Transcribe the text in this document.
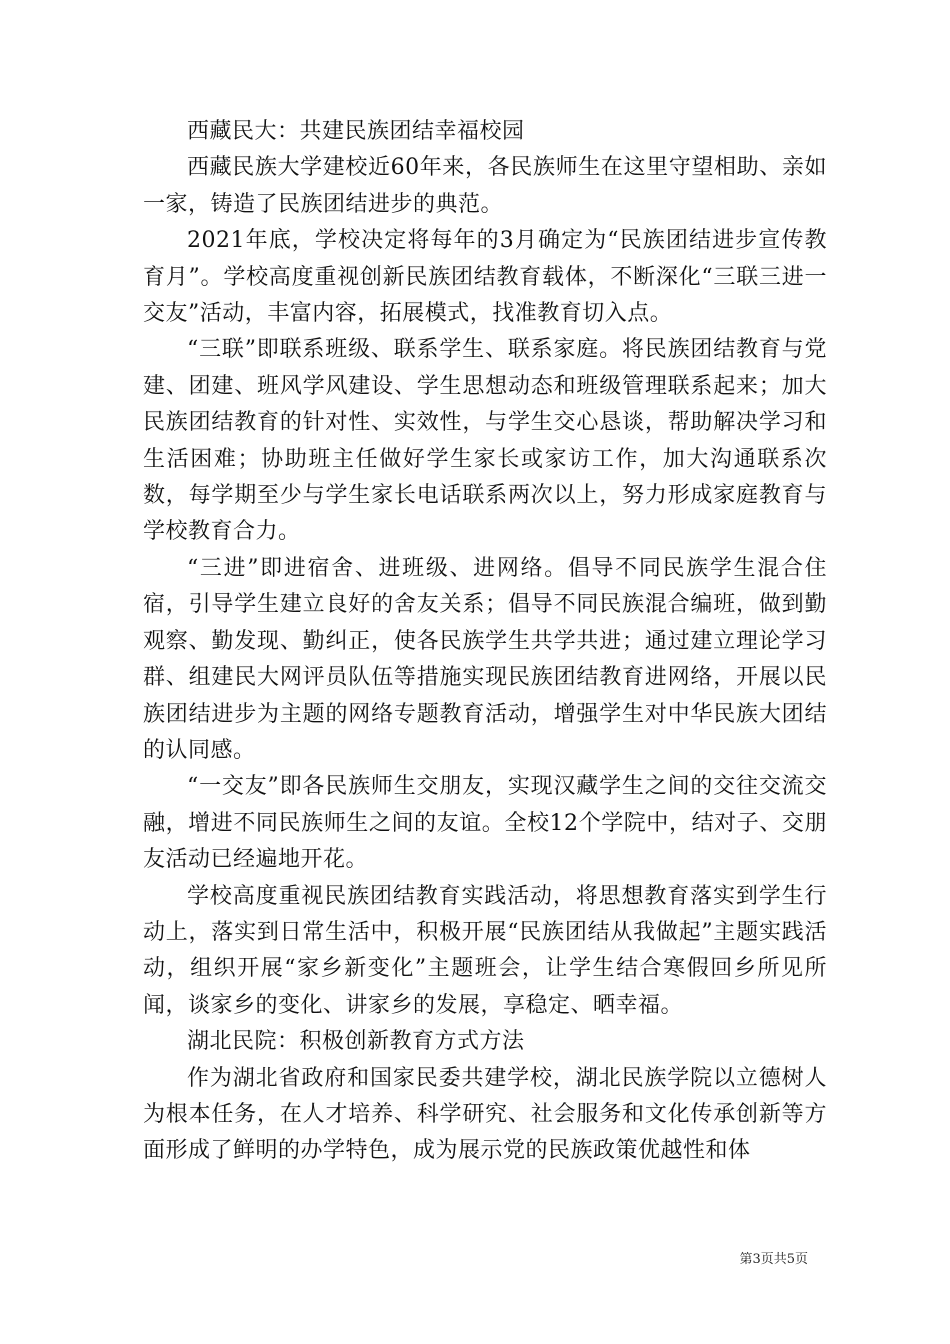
西藏民大：共建民族团结幸福校园

西藏民族大学建校近60年来，各民族师生在这里守望相助、亲如一家，铸造了民族团结进步的典范。

2021年底，学校决定将每年的3月确定为“民族团结进步宣传教育月”。学校高度重视创新民族团结教育载体，不断深化“三联三进一交友”活动，丰富内容，拓展模式，找准教育切入点。

“三联”即联系班级、联系学生、联系家庭。将民族团结教育与党建、团建、班风学风建设、学生思想动态和班级管理联系起来；加大民族团结教育的针对性、实效性，与学生交心恳谈，帮助解决学习和生活困难；协助班主任做好学生家长或家访工作，加大沟通联系次数，每学期至少与学生家长电话联系两次以上，努力形成家庭教育与学校教育合力。

“三进”即进宿舍、进班级、进网络。倡导不同民族学生混合住宿，引导学生建立良好的舍友关系；倡导不同民族混合编班，做到勤观察、勤发现、勤纠正，使各民族学生共学共进；通过建立理论学习群、组建民大网评员队伍等措施实现民族团结教育进网络，开展以民族团结进步为主题的网络专题教育活动，增强学生对中华民族大团结的认同感。

“一交友”即各民族师生交朋友，实现汉藏学生之间的交往交流交融，增进不同民族师生之间的友谊。全校12个学院中，结对子、交朋友活动已经遍地开花。

学校高度重视民族团结教育实践活动，将思想教育落实到学生行动上，落实到日常生活中，积极开展“民族团结从我做起”主题实践活动，组织开展“家乡新变化”主题班会，让学生结合寒假回乡所见所闻，谈家乡的变化、讲家乡的发展，享稳定、晒幸福。

湖北民院：积极创新教育方式方法

作为湖北省政府和国家民委共建学校，湖北民族学院以立德树人为根本任务，在人才培养、科学研究、社会服务和文化传承创新等方面形成了鲜明的办学特色，成为展示党的民族政策优越性和体

第3页共5页
